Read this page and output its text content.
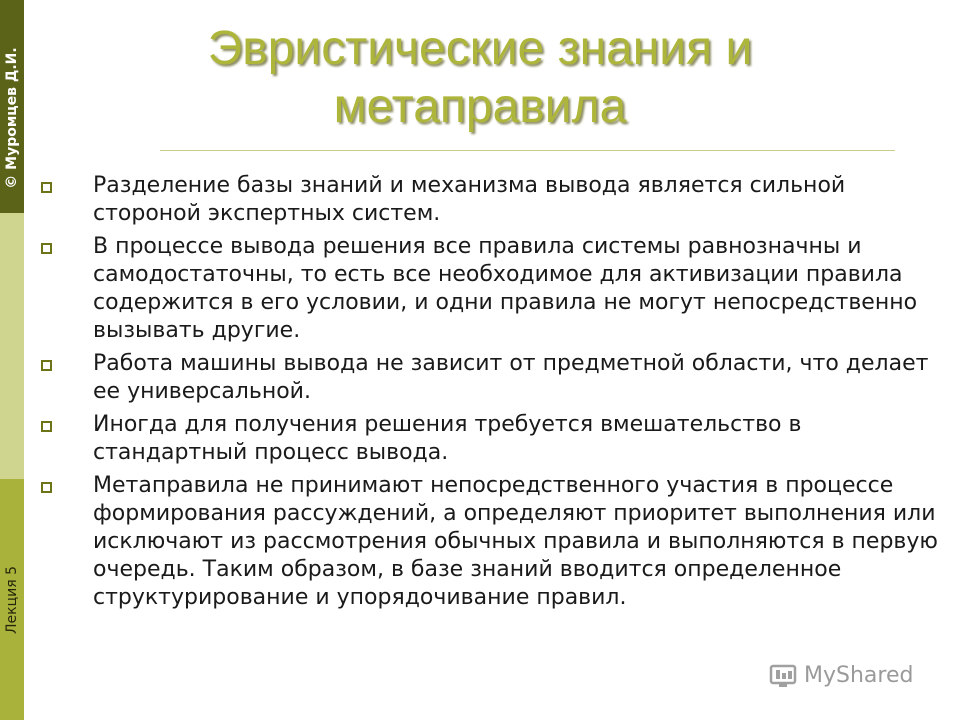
© Муромцев Д.И.
Лекция 5
Эвристические знания и
метаправила
Разделение базы знаний и механизма вывода является сильной стороной экспертных систем.
В процессе вывода решения все правила системы равнозначны и самодостаточны, то есть все необходимое для активизации правила содержится в его условии, и одни правила не могут непосредственно вызывать другие.
Работа машины вывода не зависит от предметной области, что делает ее универсальной.
Иногда для получения решения требуется вмешательство в стандартный процесс вывода.
Метаправила не принимают непосредственного участия в процессе формирования рассуждений, а определяют приоритет выполнения или исключают из рассмотрения обычных правила и выполняются в первую очередь. Таким образом, в базе знаний вводится определенное структурирование и упорядочивание правил.
MyShared
